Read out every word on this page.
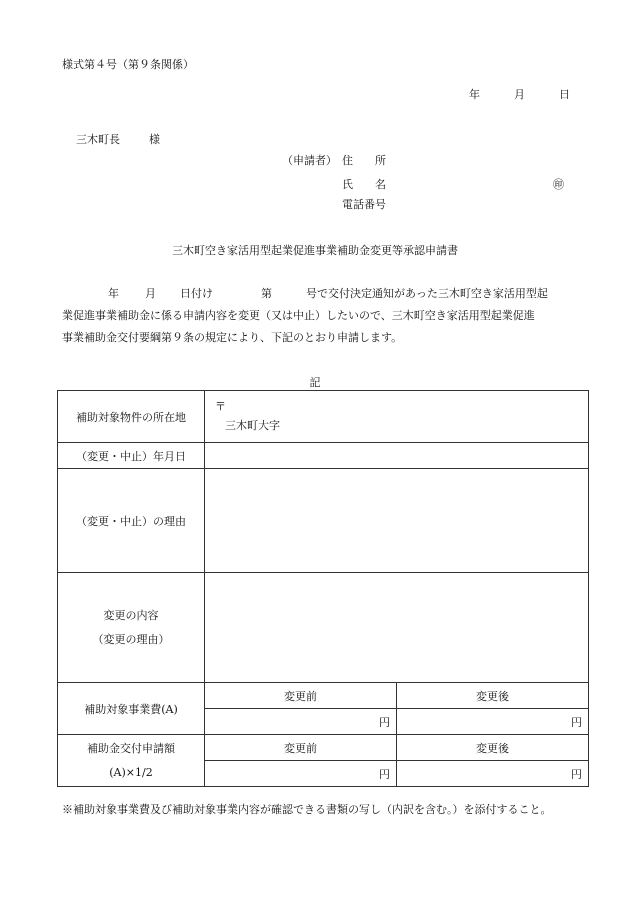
様式第４号（第９条関係）
年	月	日
三木町長	様
（申請者） 住　　所
氏　　名	㊞
電話番号
三木町空き家活用型起業促進事業補助金変更等承認申請書
年 月 日付け	第	号で交付決定通知があった三木町空き家活用型起
業促進事業補助金に係る申請内容を変更（又は中止）したいので、三木町空き家活用型起業促進
事業補助金交付要綱第９条の規定により、下記のとおり申請します。
記
補助対象物件の所在地	〒
三木町大字	

（変更・中止）年月日		
（変更・中止）の理由		

変更の内容
（変更の理由）		

補助対象事業費(A)	変更前	変更後
	円	円

補助金交付申請額
(A)×1/2	変更前	変更後
	円	円
※補助対象事業費及び補助対象事業内容が確認できる書類の写し（内訳を含む。）を添付すること。
